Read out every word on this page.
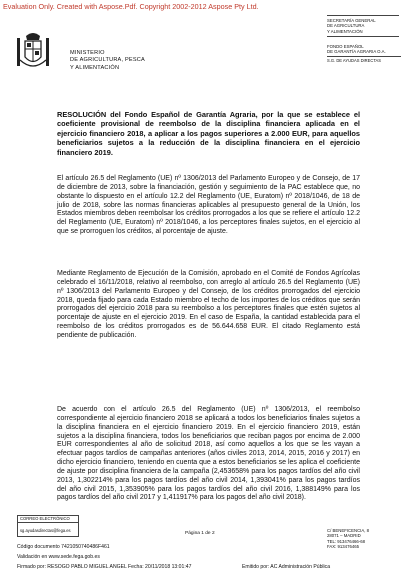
Evaluation Only. Created with Aspose.Pdf. Copyright 2002-2012 Aspose Pty Ltd.
MINISTERIO
DE AGRICULTURA, PESCA
Y ALIMENTACIÓN
SECRETARÍA GENERAL
DE AGRICULTURA
Y ALIMENTACIÓN
FONDO ESPAÑOL
DE GARANTÍA AGRARIA O.A.
S.G. DE AYUDAS DIRECTAS
RESOLUCIÓN del Fondo Español de Garantía Agraria, por la que se establece el coeficiente provisional de reembolso de la disciplina financiera aplicada en el ejercicio financiero 2018, a aplicar a los pagos superiores a 2.000 EUR, para aquellos beneficiarios sujetos a la reducción de la disciplina financiera en el ejercicio financiero 2019.
El artículo 26.5 del Reglamento (UE) nº 1306/2013 del Parlamento Europeo y de Consejo, de 17 de diciembre de 2013, sobre la financiación, gestión y seguimiento de la PAC establece que, no obstante lo dispuesto en el artículo 12.2 del Reglamento (UE, Euratom) nº 2018/1046, de 18 de julio de 2018, sobre las normas financieras aplicables al presupuesto general de la Unión, los Estados miembros deben reembolsar los créditos prorrogados a los que se refiere el artículo 12.2 del Reglamento (UE, Euratom) nº 2018/1046, a los perceptores finales sujetos, en el ejercicio al que se prorroguen los créditos, al porcentaje de ajuste.
Mediante Reglamento de Ejecución de la Comisión, aprobado en el Comité de Fondos Agrícolas celebrado el 16/11/2018, relativo al reembolso, con arreglo al artículo 26.5 del Reglamento (UE) nº 1306/2013 del Parlamento Europeo y del Consejo, de los créditos prorrogados del ejercicio 2018, queda fijado para cada Estado miembro el techo de los importes de los créditos que serán prorrogados del ejercicio 2018 para su reembolso a los perceptores finales que estén sujetos al porcentaje de ajuste en el ejercicio 2019. En el caso de España, la cantidad establecida para el reembolso de los créditos prorrogados es de 56.644.658 EUR. El citado Reglamento está pendiente de publicación.
De acuerdo con el artículo 26.5 del Reglamento (UE) nº 1306/2013, el reembolso correspondiente al ejercicio financiero 2018 se aplicará a todos los beneficiarios finales sujetos a la disciplina financiera en el ejercicio financiero 2019. En el ejercicio financiero 2019, están sujetos a la disciplina financiera, todos los beneficiarios que reciban pagos por encima de 2.000 EUR correspondientes al año de solicitud 2018, así como aquellos a los que se les vayan a efectuar pagos tardíos de campañas anteriores (años civiles 2013, 2014, 2015, 2016 y 2017) en dicho ejercicio financiero, teniendo en cuenta que a estos beneficiarios se les aplica el coeficiente de ajuste por disciplina financiera de la campaña (2,453658% para los pagos tardíos del año civil 2013, 1,302214% para los pagos tardíos del año civil 2014, 1,393041% para los pagos tardíos del año civil 2015, 1,353905% para los pagos tardíos del año civil 2016, 1,388149% para los pagos tardíos del año civil 2017 y 1,411917% para los pagos del año civil 2018).
CORREO ELECTRÓNICO
sg.ayudasdirectas@fega.es
Página 1 de 2
C/ BENEFICENCIA, 8
28071 – MADRID
TEL: 913476466-68
FAX: 913476465
Código documento 7421050740486F461
Validación en www.sede.fega.gob.es
Firmado por: RESOGO PABLO MIGUEL ANGEL Fecha: 20/11/2018 13:01:47	Emitido por: AC Administración Pública
